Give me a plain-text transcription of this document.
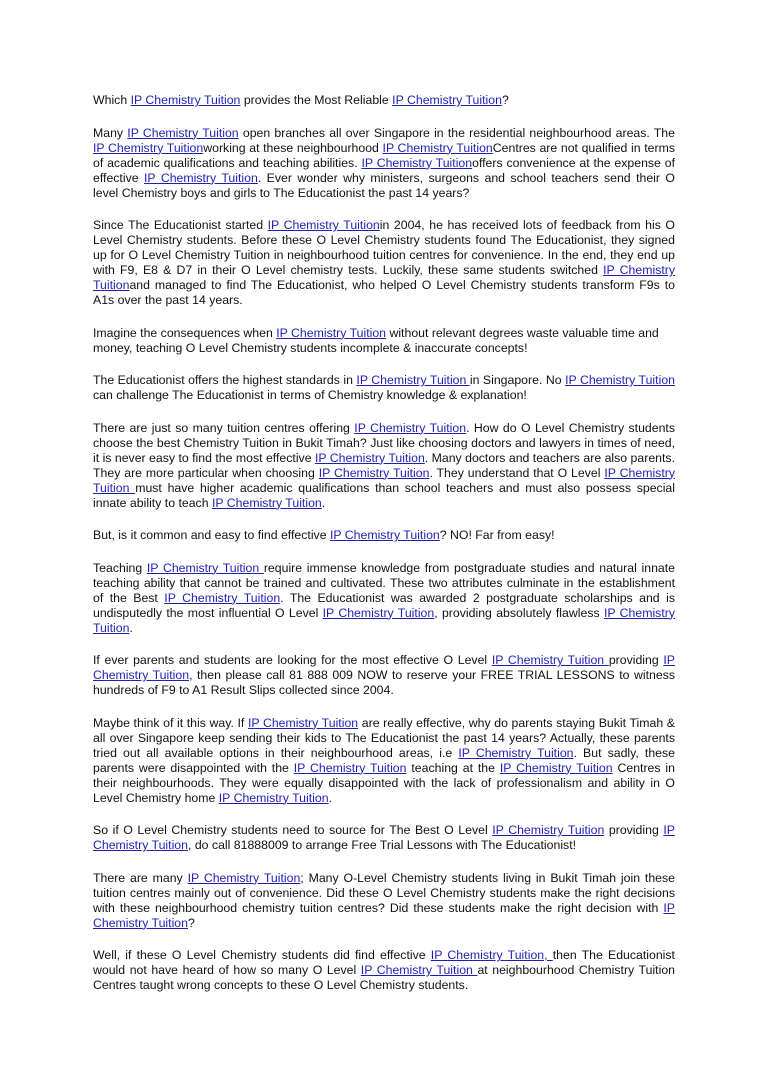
Which IP Chemistry Tuition provides the Most Reliable IP Chemistry Tuition?

Many IP Chemistry Tuition open branches all over Singapore in the residential neighbourhood areas. The IP Chemistry Tuitionworking at these neighbourhood IP Chemistry TuitionCentres are not qualified in terms of academic qualifications and teaching abilities. IP Chemistry Tuitionoffers convenience at the expense of effective IP Chemistry Tuition. Ever wonder why ministers, surgeons and school teachers send their O level Chemistry boys and girls to The Educationist the past 14 years?

Since The Educationist started IP Chemistry Tuitionin 2004, he has received lots of feedback from his O Level Chemistry students. Before these O Level Chemistry students found The Educationist, they signed up for O Level Chemistry Tuition in neighbourhood tuition centres for convenience. In the end, they end up with F9, E8 & D7 in their O Level chemistry tests. Luckily, these same students switched IP Chemistry Tuitionand managed to find The Educationist, who helped O Level Chemistry students transform F9s to A1s over the past 14 years.

Imagine the consequences when IP Chemistry Tuition without relevant degrees waste valuable time and money, teaching O Level Chemistry students incomplete & inaccurate concepts!

The Educationist offers the highest standards in IP Chemistry Tuition in Singapore. No IP Chemistry Tuition can challenge The Educationist in terms of Chemistry knowledge & explanation!

There are just so many tuition centres offering IP Chemistry Tuition. How do O Level Chemistry students choose the best Chemistry Tuition in Bukit Timah? Just like choosing doctors and lawyers in times of need, it is never easy to find the most effective IP Chemistry Tuition. Many doctors and teachers are also parents. They are more particular when choosing IP Chemistry Tuition. They understand that O Level IP Chemistry Tuition must have higher academic qualifications than school teachers and must also possess special innate ability to teach IP Chemistry Tuition.

But, is it common and easy to find effective IP Chemistry Tuition? NO! Far from easy!

Teaching IP Chemistry Tuition require immense knowledge from postgraduate studies and natural innate teaching ability that cannot be trained and cultivated. These two attributes culminate in the establishment of the Best IP Chemistry Tuition. The Educationist was awarded 2 postgraduate scholarships and is undisputedly the most influential O Level IP Chemistry Tuition, providing absolutely flawless IP Chemistry Tuition.

If ever parents and students are looking for the most effective O Level IP Chemistry Tuition providing IP Chemistry Tuition, then please call 81 888 009 NOW to reserve your FREE TRIAL LESSONS to witness hundreds of F9 to A1 Result Slips collected since 2004.

Maybe think of it this way. If IP Chemistry Tuition are really effective, why do parents staying Bukit Timah & all over Singapore keep sending their kids to The Educationist the past 14 years? Actually, these parents tried out all available options in their neighbourhood areas, i.e IP Chemistry Tuition. But sadly, these parents were disappointed with the IP Chemistry Tuition teaching at the IP Chemistry Tuition Centres in their neighbourhoods. They were equally disappointed with the lack of professionalism and ability in O Level Chemistry home IP Chemistry Tuition.

So if O Level Chemistry students need to source for The Best O Level IP Chemistry Tuition providing IP Chemistry Tuition, do call 81888009 to arrange Free Trial Lessons with The Educationist!

There are many IP Chemistry Tuition; Many O-Level Chemistry students living in Bukit Timah join these tuition centres mainly out of convenience. Did these O Level Chemistry students make the right decisions with these neighbourhood chemistry tuition centres? Did these students make the right decision with IP Chemistry Tuition?

Well, if these O Level Chemistry students did find effective IP Chemistry Tuition, then The Educationist would not have heard of how so many O Level IP Chemistry Tuition at neighbourhood Chemistry Tuition Centres taught wrong concepts to these O Level Chemistry students.
